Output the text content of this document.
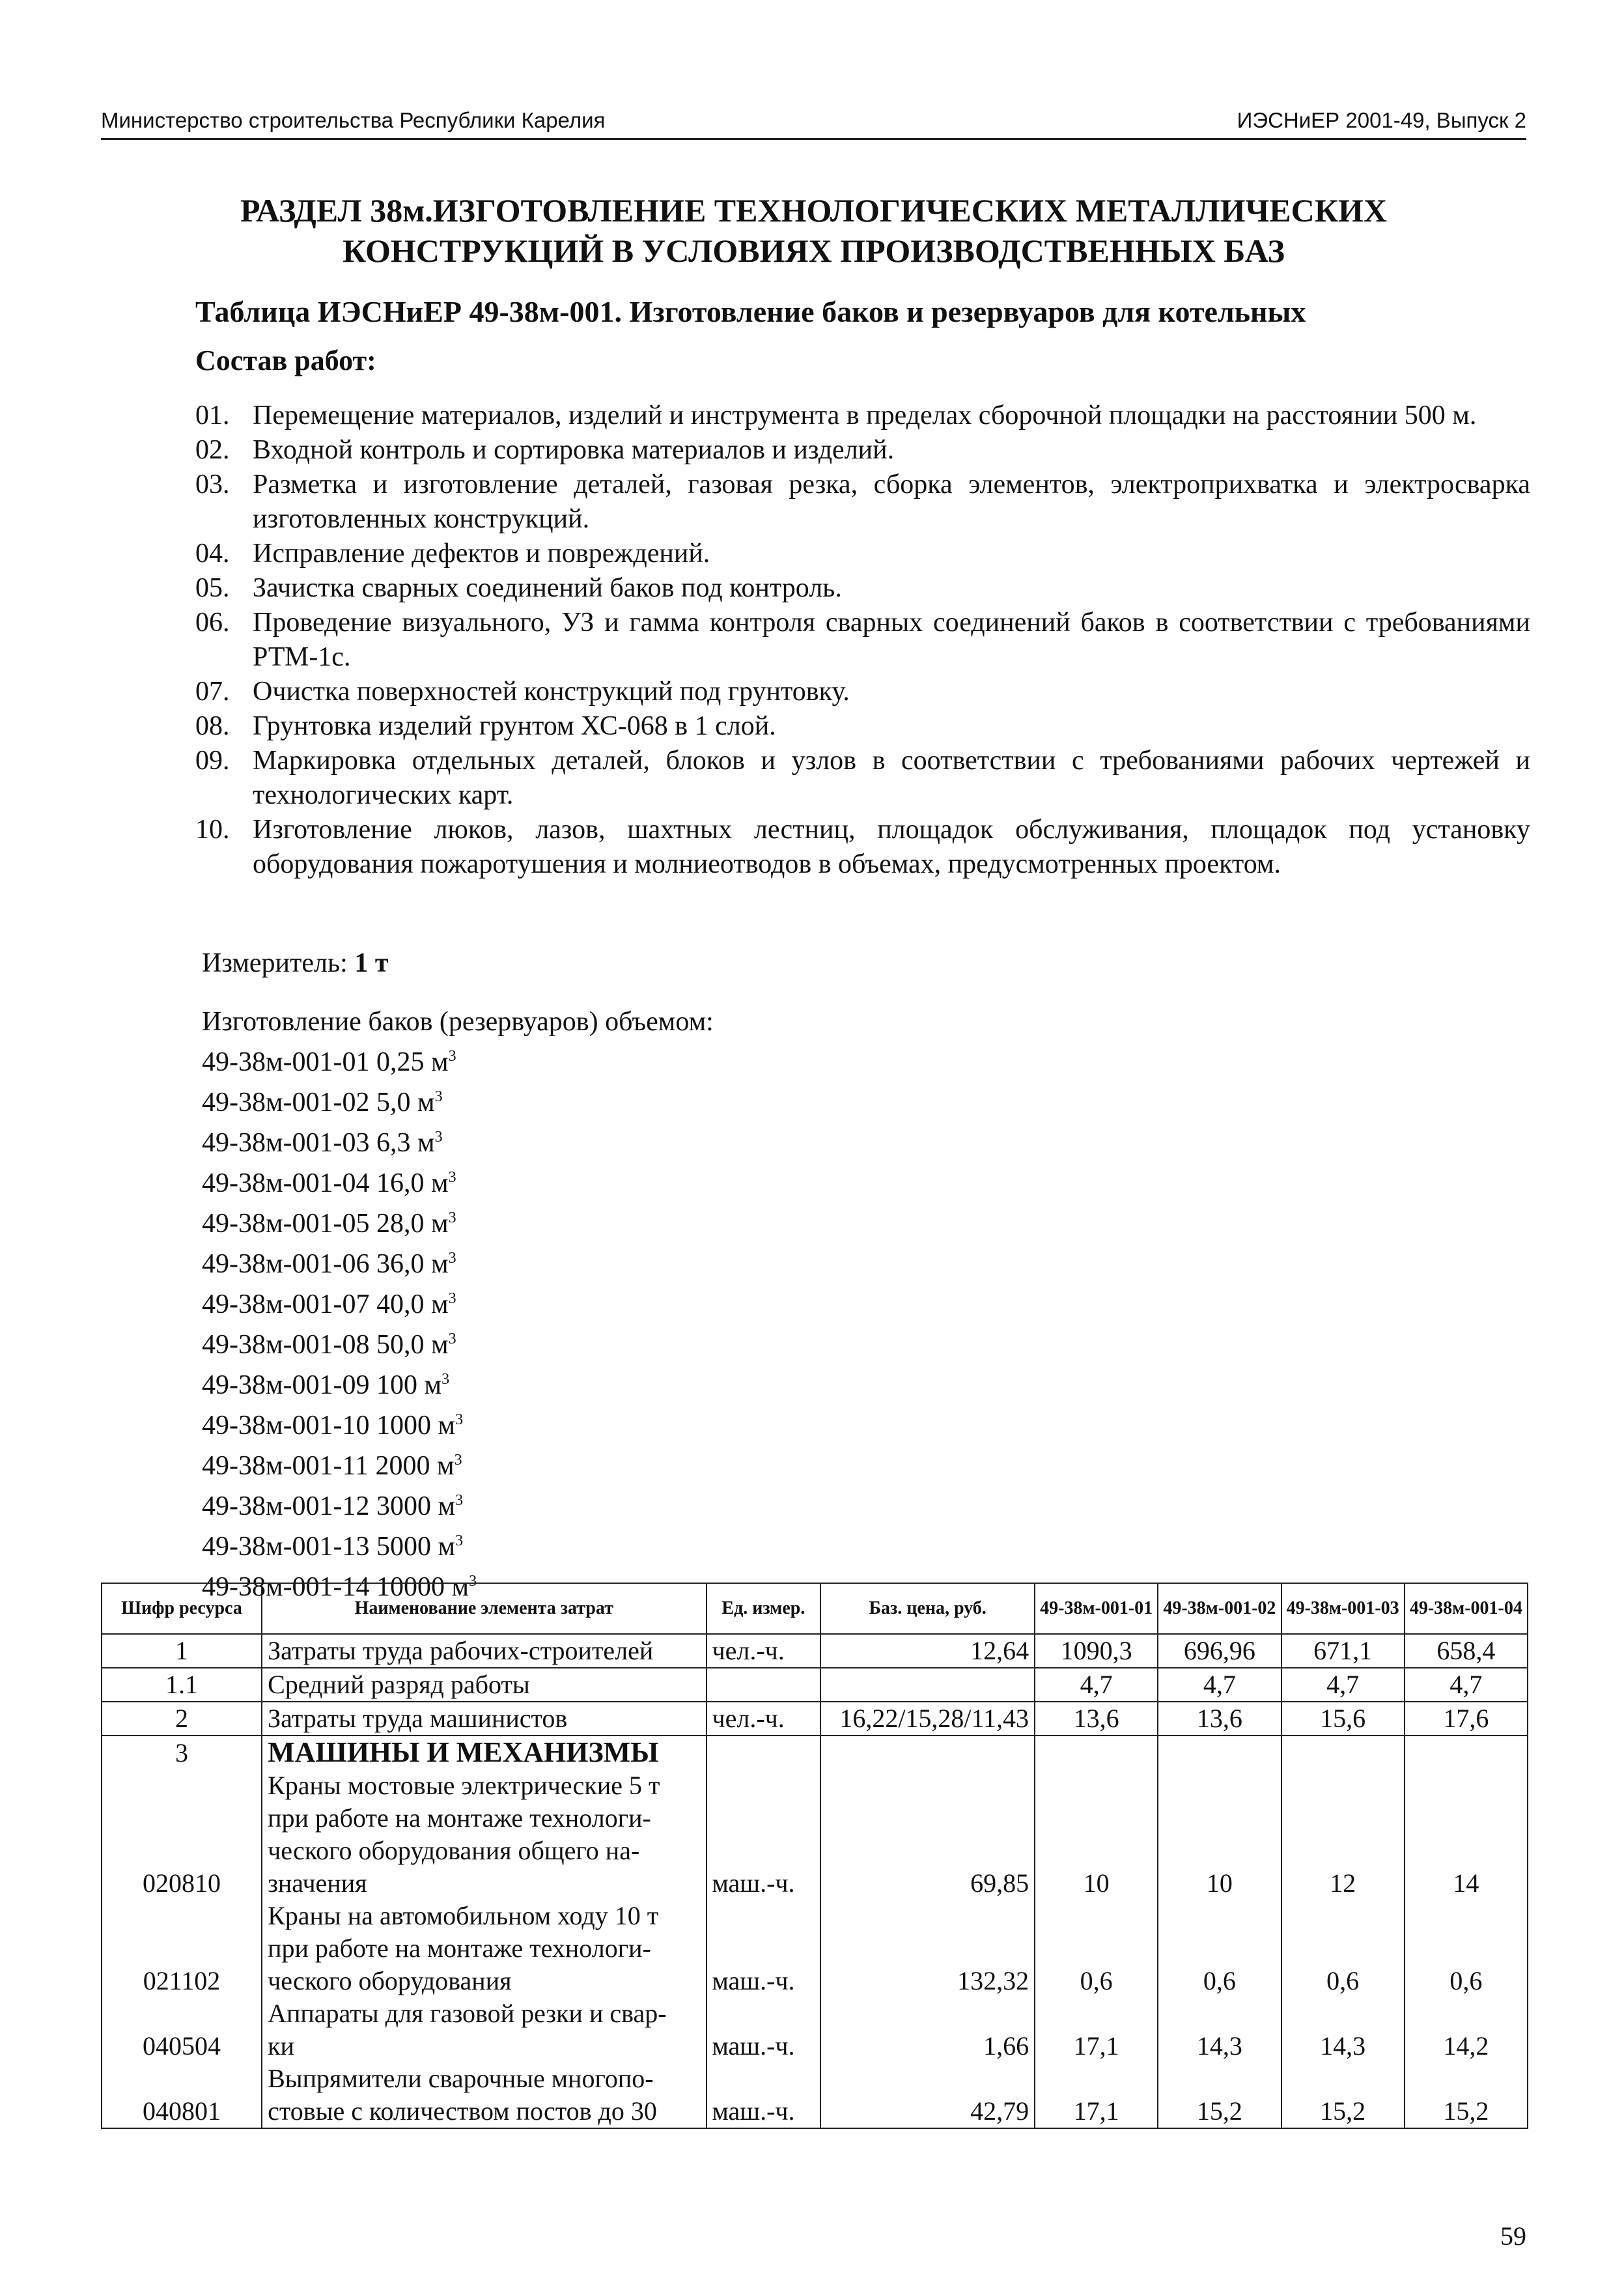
Министерство строительства Республики Карелия	ИЭСНиЕР 2001-49, Выпуск 2
РАЗДЕЛ 38м.ИЗГОТОВЛЕНИЕ ТЕХНОЛОГИЧЕСКИХ МЕТАЛЛИЧЕСКИХ
КОНСТРУКЦИЙ В УСЛОВИЯХ ПРОИЗВОДСТВЕННЫХ БАЗ
Таблица ИЭСНиЕР 49-38м-001. Изготовление баков и резервуаров для котельных
Состав работ:
01. Перемещение материалов, изделий и инструмента в пределах сборочной площадки на расстоянии 500 м.
02. Входной контроль и сортировка материалов и изделий.
03. Разметка и изготовление деталей, газовая резка, сборка элементов, электроприхватка и электросварка изготовленных конструкций.
04. Исправление дефектов и повреждений.
05. Зачистка сварных соединений баков под контроль.
06. Проведение визуального, УЗ и гамма контроля сварных соединений баков в соответствии с требованиями РТМ-1с.
07. Очистка поверхностей конструкций под грунтовку.
08. Грунтовка изделий грунтом ХС-068 в 1 слой.
09. Маркировка отдельных деталей, блоков и узлов в соответствии с требованиями рабочих чертежей и технологических карт.
10. Изготовление люков, лазов, шахтных лестниц, площадок обслуживания, площадок под установку оборудования пожаротушения и молниеотводов в объемах, предусмотренных проектом.
Измеритель: 1 т
Изготовление баков (резервуаров) объемом:
49-38м-001-01 0,25 $м^3$
49-38м-001-02 5,0 $м^3$
49-38м-001-03 6,3 $м^3$
49-38м-001-04 16,0 $м^3$
49-38м-001-05 28,0 $м^3$
49-38м-001-06 36,0 $м^3$
49-38м-001-07 40,0 $м^3$
49-38м-001-08 50,0 $м^3$
49-38м-001-09 100 $м^3$
49-38м-001-10 1000 $м^3$
49-38м-001-11 2000 $м^3$
49-38м-001-12 3000 $м^3$
49-38м-001-13 5000 $м^3$
49-38м-001-14 10000 $м^3$
Шифр ресурса	Наименование элемента затрат	Ед. измер.	Баз. цена, руб.	49-38м-001-01	49-38м-001-02	49-38м-001-03	49-38м-001-04
1	Затраты труда рабочих-строителей	чел.-ч.	12,64	1090,3	696,96	671,1	658,4
1.1	Средний разряд работы			4,7	4,7	4,7	4,7
2	Затраты труда машинистов	чел.-ч.	16,22/15,28/11,43	13,6	13,6	15,6	17,6
3	МАШИНЫ И МЕХАНИЗМЫ						
	Краны мостовые электрические 5 т						
	при работе на монтаже технологи-						
	ческого оборудования общего на-						
020810	значения	маш.-ч.	69,85	10	10	12	14
	Краны на автомобильном ходу 10 т						
	при работе на монтаже технологи-						
021102	ческого оборудования	маш.-ч.	132,32	0,6	0,6	0,6	0,6
	Аппараты для газовой резки и свар-						
040504	ки	маш.-ч.	1,66	17,1	14,3	14,3	14,2
	Выпрямители сварочные многопо-						
040801	стовые с количеством постов до 30	маш.-ч.	42,79	17,1	15,2	15,2	15,2
59
